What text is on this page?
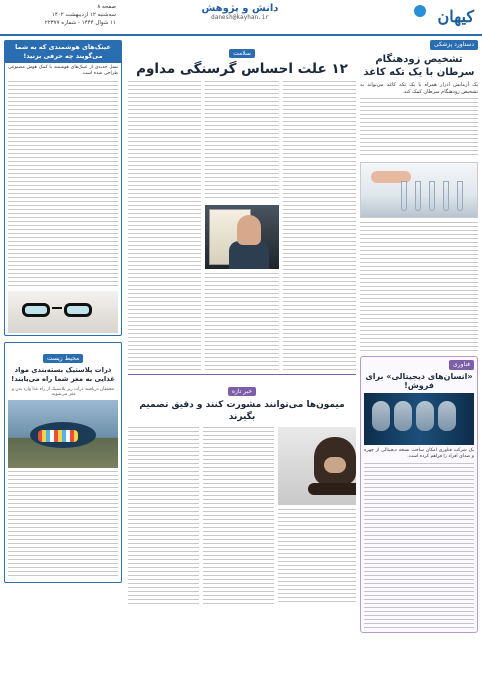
کیهان
دانش و پژوهش
danesh@kayhan.ir
صفحه ۸
سه‌شنبه ۱۲ اردیبهشت ۱۴۰۲
۱۱ شوال ۱۴۴۴ - شماره ۲۲۳۷۷
دستاورد پزشکی
تشخیص زودهنگام سرطان با یک تکه کاغذ
یک آزمایش ادرار همراه با یک تکه کاغذ می‌تواند به تشخیص زودهنگام سرطان کمک کند.
فناوری
«انسان‌های دیجیتالی» برای فروش!
یک شرکت فناوری امکان ساخت نسخه دیجیتالی از چهره و صدای افراد را فراهم کرده است.
سلامت
۱۲ علت احساس گرسنگی مداوم
خبر تازه
میمون‌ها می‌توانند مشورت کنند و دقیق تصمیم بگیرند
عینک‌های هوشمندی که به شما می‌گویند چه حرفی بزنید!
نسل جدیدی از عینک‌های هوشمند با کمک هوش مصنوعی طراحی شده است.
محیط زیست
ذرات پلاستیک بسته‌بندی مواد غذایی به مغز شما راه می‌یابند!
محققان دریافتند ذرات ریز پلاستیک از راه غذا وارد بدن و مغز می‌شوند.
